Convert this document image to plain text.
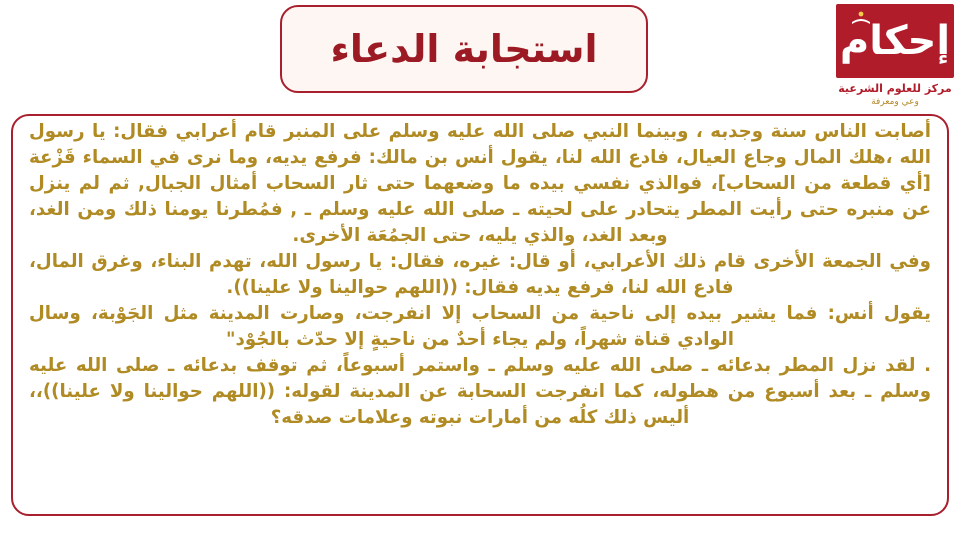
استجابة الدعاء	إحكام
مركز للعلوم الشرعية
وعي ومعرفة

أصابت الناس سنة وجدبه ، وبينما النبي صلى الله عليه وسلم على المنبر قام أعرابي فقال: يا رسول الله ،هلك المال وجاع العيال، فادع الله لنا، يقول أنس بن مالك: فرفع يديه، وما نرى في السماء قَزْعة [أي قطعة من السحاب]، فوالذي نفسي بيده ما وضعهما حتى ثار السحاب أمثال الجبال, ثم لم ينزل عن منبره حتى رأيت المطر يتحادر على لحيته ـ صلى الله عليه وسلم ـ , فمُطرنا يومنا ذلك ومن الغد، وبعد الغد، والذي يليه، حتى الجمُعَة الأخرى.

وفي الجمعة الأخرى قام ذلك الأعرابي، أو قال: غيره، فقال: يا رسول الله، تهدم البناء، وغرق المال، فادع الله لنا، فرفع يديه فقال: ((اللهم حوالينا ولا علينا)).

يقول أنس: فما يشير بيده إلى ناحية من السحاب إلا انفرجت، وصارت المدينة مثل الجَوْبة، وسال الوادي قناة شهراً، ولم يجاء أحدٌ من ناحيةٍ إلا حدّث بالجُوْد"

. لقد نزل المطر بدعائه ـ صلى الله عليه وسلم ـ واستمر أسبوعاً، ثم توقف بدعائه ـ صلى الله عليه وسلم ـ بعد أسبوع من هطوله، كما انفرجت السحابة عن المدينة لقوله: ((اللهم حوالينا ولا علينا))،، أليس ذلك كلُه من أمارات نبوته وعلامات صدقه؟
